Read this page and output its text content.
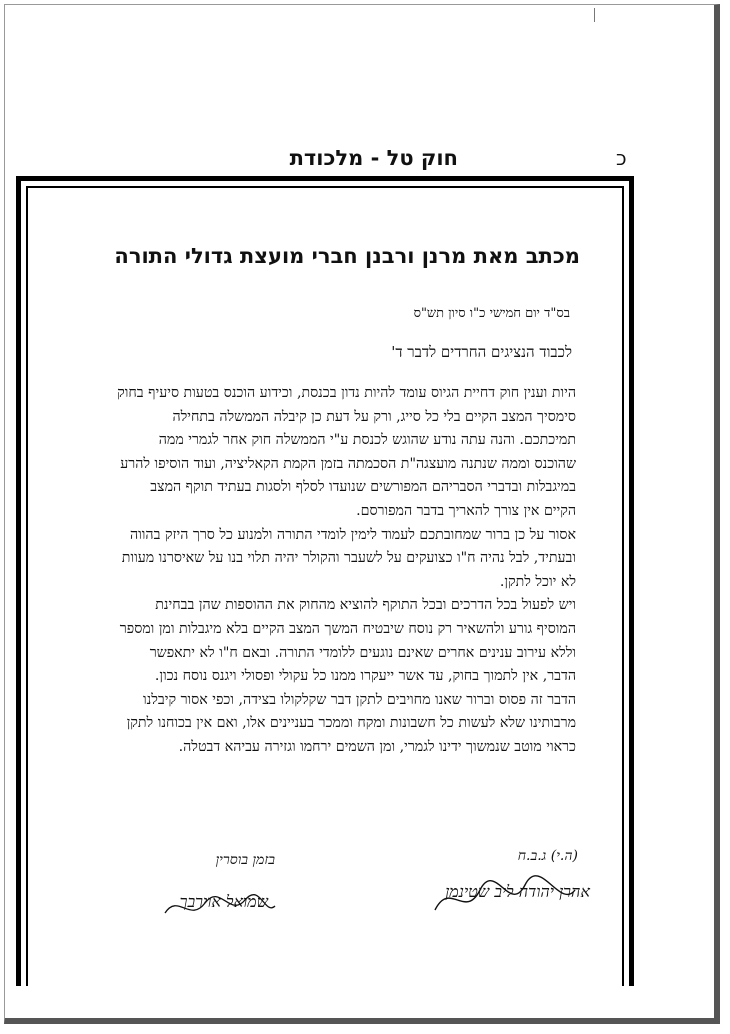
חוק טל - מלכודת	כ
מכתב מאת מרנן ורבנן חברי מועצת גדולי התורה
בס"ד יום חמישי כ"ו סיון תש"ס
לכבוד הנציגים החרדים לדבר ד'

היות וענין חוק דחיית הגיוס עומד להיות נדון בכנסת, וכידוע הוכנס בטעות סיעיף בחוק סימסיך המצב הקיים בלי כל סייג, ורק על דעת כן קיבלה הממשלה בתחילה תמיכתכם. והנה עתה נודע שהוגש לכנסת ע"י הממשלה חוק אחר לגמרי ממה שהוכנס וממה שנתנה מועצגה"ת הסכמתה בזמן הקמת הקאליציה, ועוד הוסיפו להרע במיגבלות ובדברי הסבריהם המפורשים שנועדו לסלף ולסגות בעתיד תוקף המצב הקיים אין צורך להאריך בדבר המפורסם.

אסור על כן ברור שמחובתכם לעמוד לימין לומדי התורה ולמנוע כל סרך היזק בהווה ובעתיד, לבל נהיה ח"ו כצועקים על לשעבר והקולר יהיה תלוי בנו על שאיסרנו מעוות לא יוכל לתקן.

ויש לפעול בכל הדרכים ובכל התוקף להוציא מהחוק את ההוספות שהן בבחינת המוסיף גורע ולהשאיר רק נוסח שיבטיח המשך המצב הקיים בלא מיגבלות ומן ומספר וללא עירוב ענינים אחרים שאינם נוגעים ללומדי התורה. ובאם ח"ו לא יתאפשר הדבר, אין לתמוך בחוק, עד אשר ייעקרו ממנו כל עקולי ופסולי ויגנס נוסח נכון.

הדבר זה פסוס וברור שאנו מחויבים לתקן דבר שקלקולו בצידה, וכפי אסור קיבלנו מרבותינו שלא לעשות כל חשבונות ומקח וממכר בעניינים אלו, ואם אין בכוחנו לתקן כראוי מוטב שנמשוך ידינו לגמרי, ומן השמים ירחמו וגזירה עביהא דבטלה.

(ה.י) ג.ב.ח
אהרן יהודה ליב שטינמן
בזמן בוסרין
שמואל אוירבך
